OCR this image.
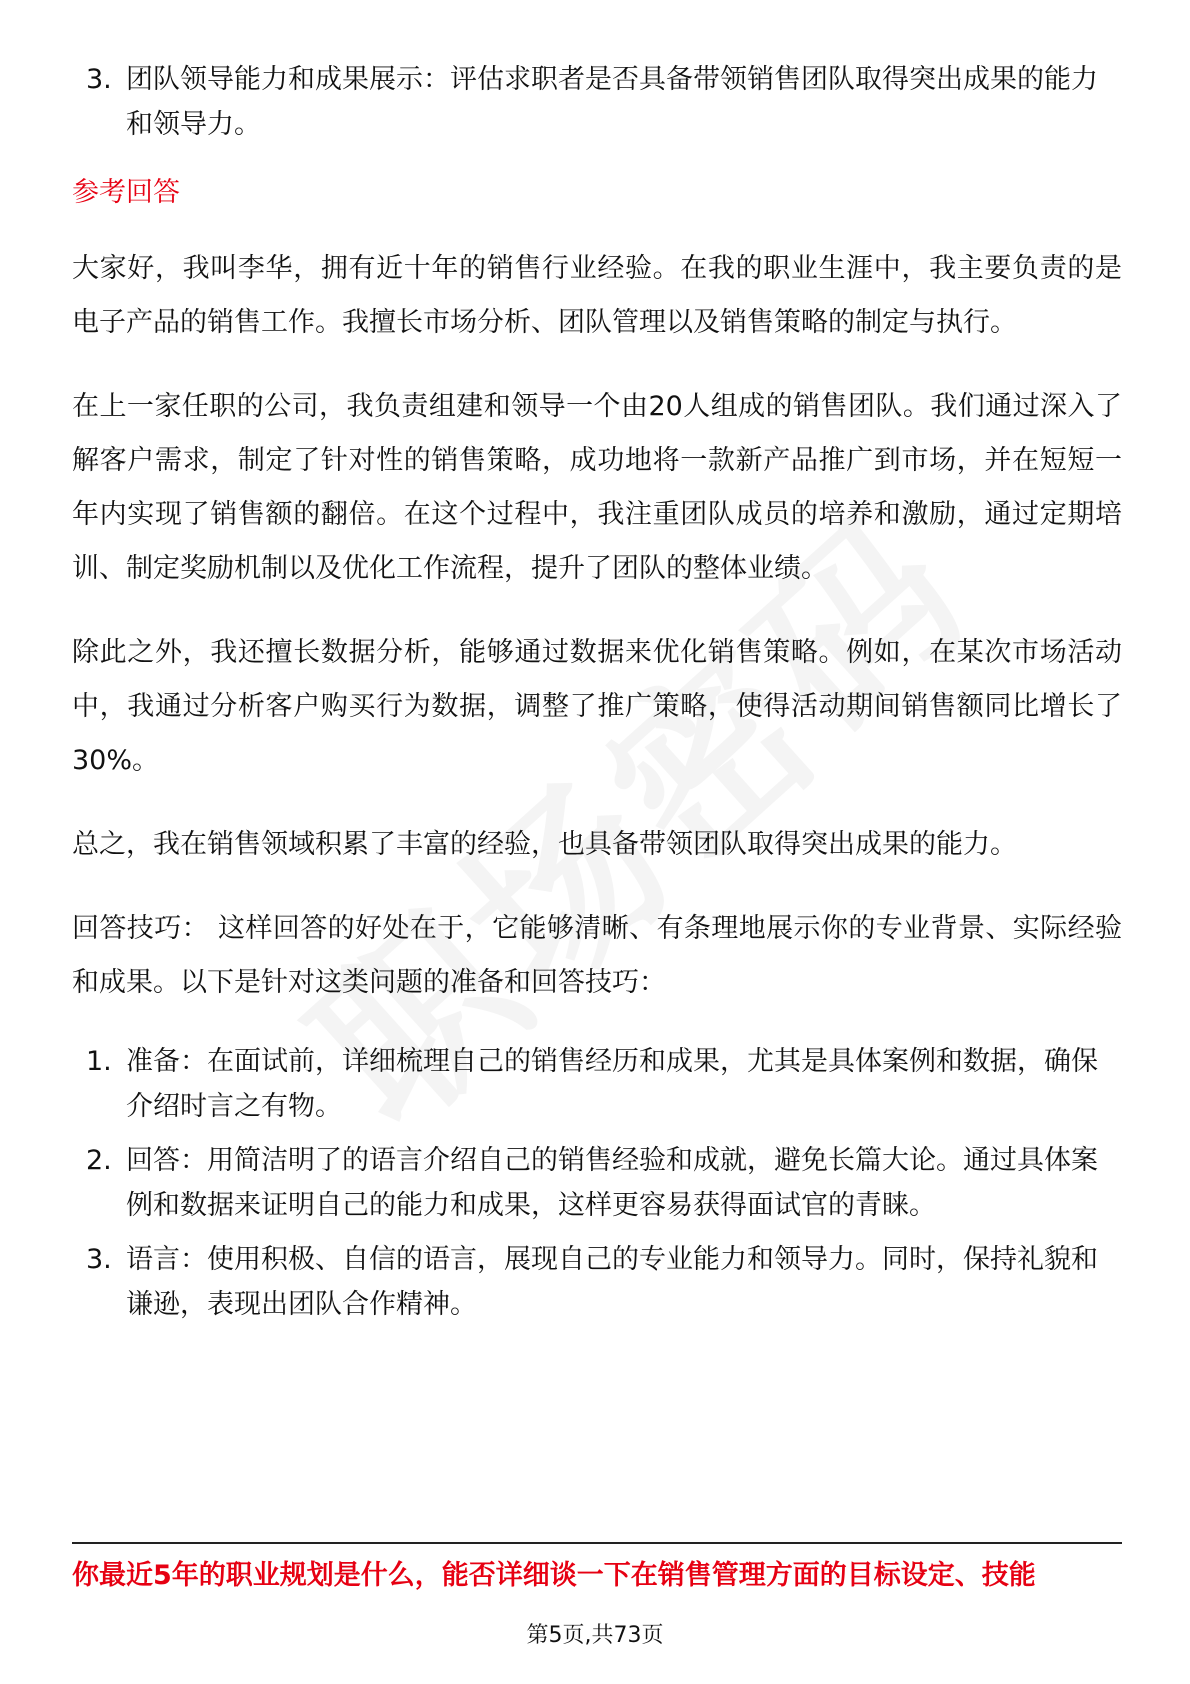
3. 团队领导能力和成果展示：评估求职者是否具备带领销售团队取得突出成果的能力和领导力。
参考回答

大家好，我叫李华，拥有近十年的销售行业经验。在我的职业生涯中，我主要负责的是电子产品的销售工作。我擅长市场分析、团队管理以及销售策略的制定与执行。

在上一家任职的公司，我负责组建和领导一个由20人组成的销售团队。我们通过深入了解客户需求，制定了针对性的销售策略，成功地将一款新产品推广到市场，并在短短一年内实现了销售额的翻倍。在这个过程中，我注重团队成员的培养和激励，通过定期培训、制定奖励机制以及优化工作流程，提升了团队的整体业绩。

除此之外，我还擅长数据分析，能够通过数据来优化销售策略。例如，在某次市场活动中，我通过分析客户购买行为数据，调整了推广策略，使得活动期间销售额同比增长了30%。

总之，我在销售领域积累了丰富的经验，也具备带领团队取得突出成果的能力。

回答技巧： 这样回答的好处在于，它能够清晰、有条理地展示你的专业背景、实际经验和成果。以下是针对这类问题的准备和回答技巧：

1. 准备：在面试前，详细梳理自己的销售经历和成果，尤其是具体案例和数据，确保介绍时言之有物。
2. 回答：用简洁明了的语言介绍自己的销售经验和成就，避免长篇大论。通过具体案例和数据来证明自己的能力和成果，这样更容易获得面试官的青睐。
3. 语言：使用积极、自信的语言，展现自己的专业能力和领导力。同时，保持礼貌和谦逊，表现出团队合作精神。
你最近5年的职业规划是什么，能否详细谈一下在销售管理方面的目标设定、技能
第5页,共73页
